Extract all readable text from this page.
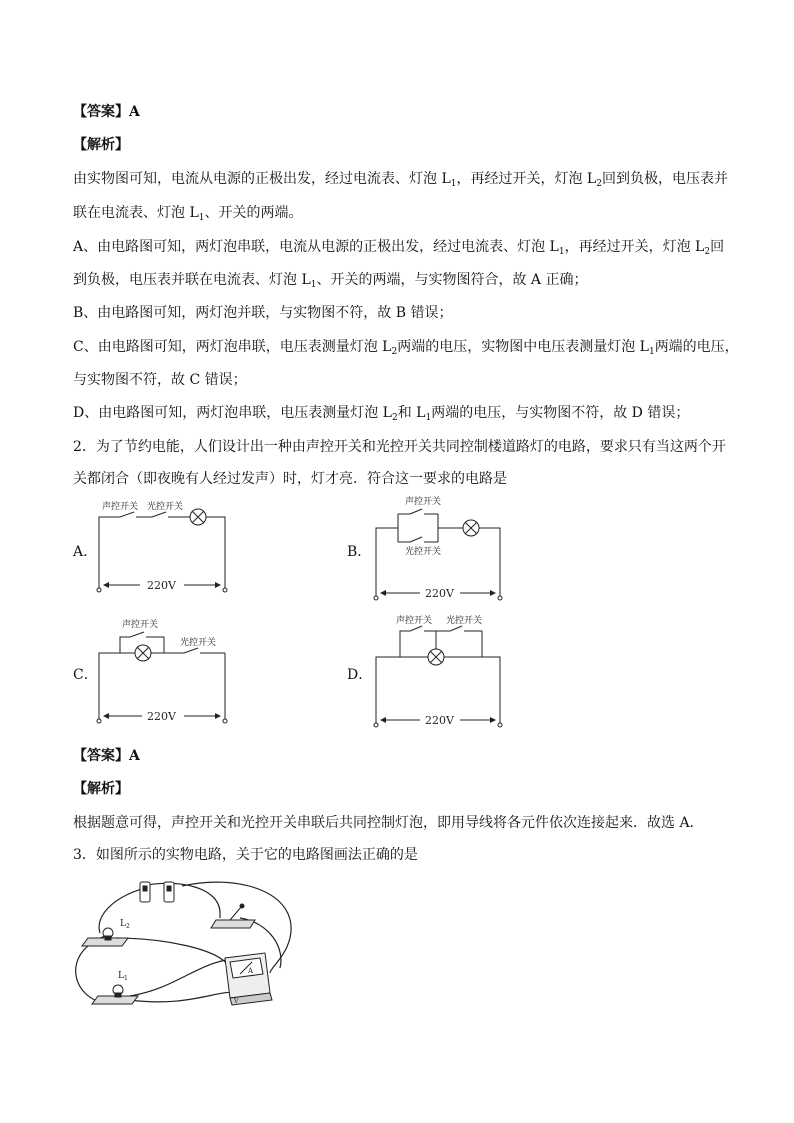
【答案】A
【解析】
由实物图可知，电流从电源的正极出发，经过电流表、灯泡 $L_1$，再经过开关，灯泡 $L_2$回到负极，电压表并
联在电流表、灯泡 $L_1$、开关的两端。
A、由电路图可知，两灯泡串联，电流从电源的正极出发，经过电流表、灯泡 $L_1$，再经过开关，灯泡 $L_2$回
到负极，电压表并联在电流表、灯泡 $L_1$、开关的两端，与实物图符合，故 A 正确；
B、由电路图可知，两灯泡并联，与实物图不符，故 B 错误；
C、由电路图可知，两灯泡串联，电压表测量灯泡 $L_2$两端的电压，实物图中电压表测量灯泡 $L_1$两端的电压，
与实物图不符，故 C 错误；
D、由电路图可知，两灯泡串联，电压表测量灯泡 $L_2$和 $L_1$两端的电压，与实物图不符，故 D 错误；
2．为了节约电能，人们设计出一种由声控开关和光控开关共同控制楼道路灯的电路，要求只有当这两个开
关都闭合（即夜晚有人经过发声）时，灯才亮．符合这一要求的电路是
A．
声控开关 光控开关
220V
B．
声控开关
光控开关
220V
C．
声控开关
光控开关
220V
D．
声控开关 光控开关
220V
【答案】A
【解析】
根据题意可得，声控开关和光控开关串联后共同控制灯泡，即用导线将各元件依次连接起来．故选 A．
3．如图所示的实物电路，关于它的电路图画法正确的是
$L_2$
$L_1$
A
V
